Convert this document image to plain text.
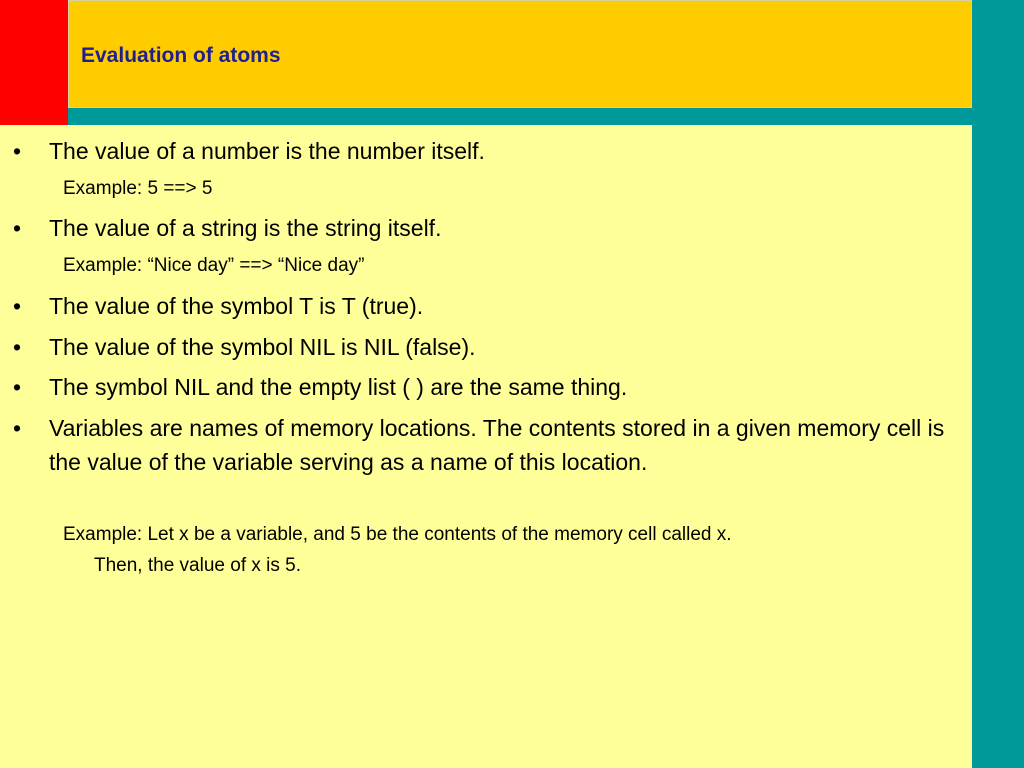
Evaluation of atoms
• The value of a number is the number itself.
Example: 5 ==> 5
• The value of a string is the string itself.
Example: “Nice day” ==> “Nice day”
• The value of the symbol T is T (true).
• The value of the symbol NIL is NIL (false).
• The symbol NIL and the empty list ( ) are the same thing.
• Variables are names of memory locations. The contents stored in a given memory cell is the value of the variable serving as a name of this location.
Example: Let x be a variable, and 5 be the contents of the memory cell called x.
Then, the value of x is 5.
